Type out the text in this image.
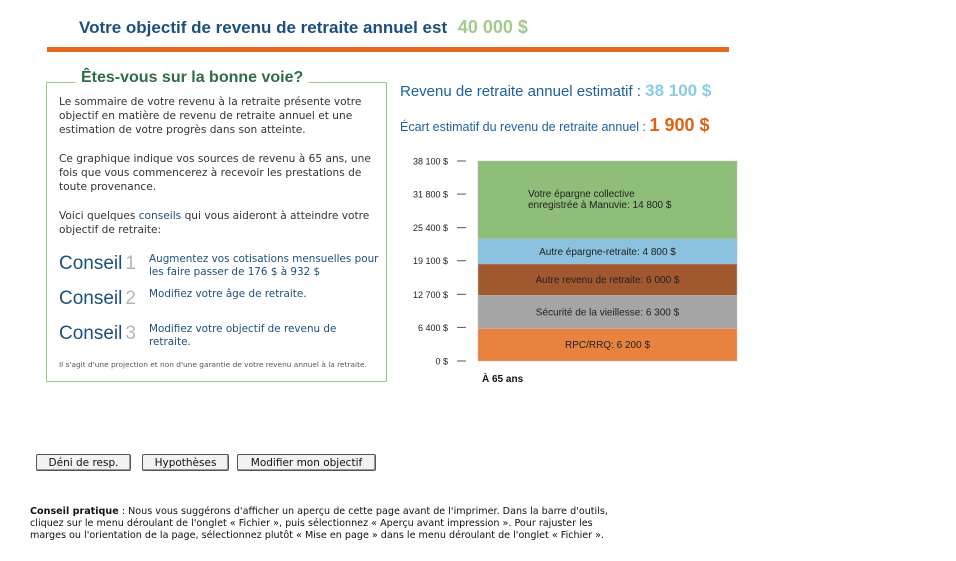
Votre objectif de revenu de retraite annuel est 40 000 $
Êtes-vous sur la bonne voie?
Le sommaire de votre revenu à la retraite présente votre objectif en matière de revenu de retraite annuel et une estimation de votre progrès dans son atteinte.
Ce graphique indique vos sources de revenu à 65 ans, une fois que vous commencerez à recevoir les prestations de toute provenance.
Voici quelques conseils qui vous aideront à atteindre votre objectif de retraite:
Conseil 1 Augmentez vos cotisations mensuelles pour les faire passer de 176 $ à 932 $
Conseil 2 Modifiez votre âge de retraite.
Conseil 3 Modifiez votre objectif de revenu de retraite.
Il s'agit d'une projection et non d'une garantie de votre revenu annuel à la retraite.
Revenu de retraite annuel estimatif : 38 100 $
Écart estimatif du revenu de retraite annuel : 1 900 $
0 $
6 400 $
12 700 $
19 100 $
25 400 $
31 800 $
38 100 $
RPC/RRQ: 6 200 $
Sécurité de la vieillesse: 6 300 $
Autre revenu de retraite: 6 000 $
Autre épargne-retraite: 4 800 $
Votre épargne collective enregistrée à Manuvie: 14 800 $
À 65 ans
Déni de resp.	Hypothèses	Modifier mon objectif
Conseil pratique : Nous vous suggérons d'afficher un aperçu de cette page avant de l'imprimer. Dans la barre d'outils, cliquez sur le menu déroulant de l'onglet « Fichier », puis sélectionnez « Aperçu avant impression ». Pour rajuster les marges ou l'orientation de la page, sélectionnez plutôt « Mise en page » dans le menu déroulant de l'onglet « Fichier ».
